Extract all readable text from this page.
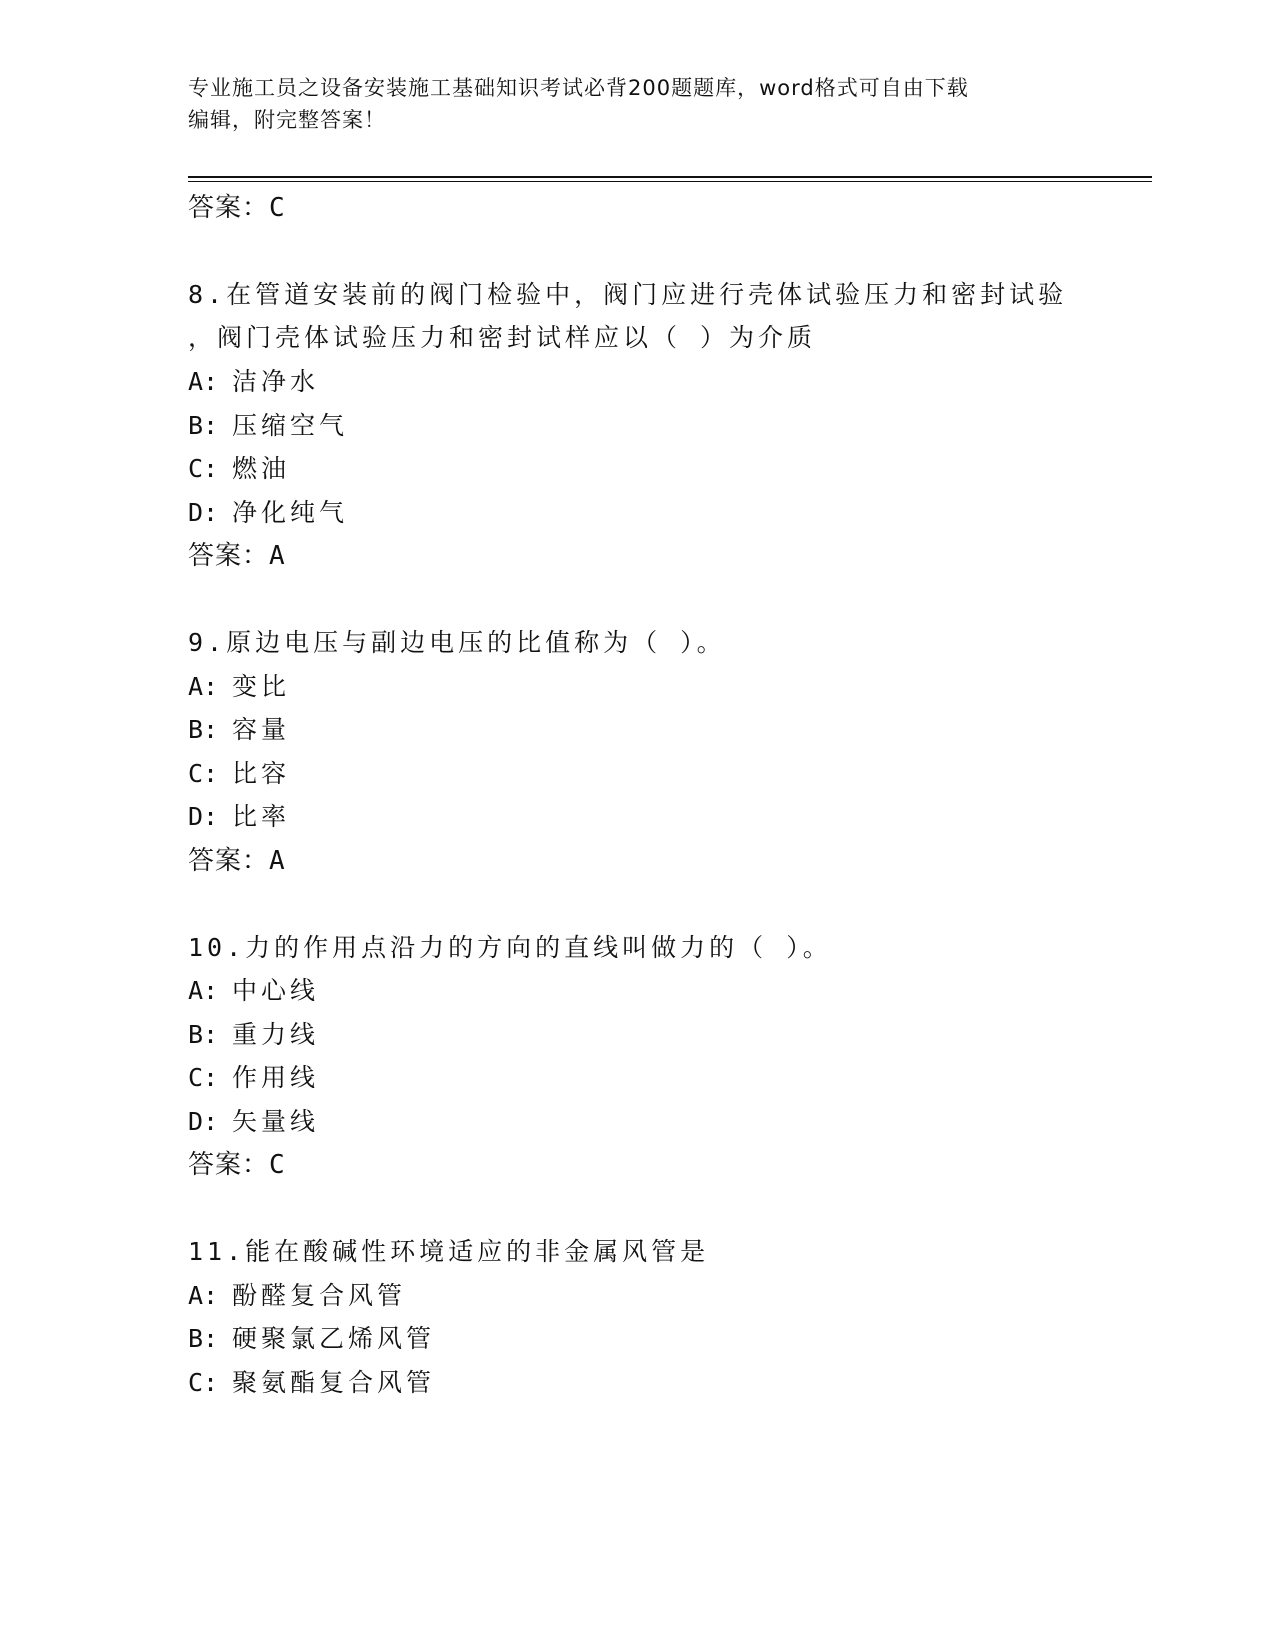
专业施工员之设备安装施工基础知识考试必背200题题库，word格式可自由下载
编辑，附完整答案！
答案：C
8.在管道安装前的阀门检验中，阀门应进行壳体试验压力和密封试验
，阀门壳体试验压力和密封试样应以（ ）为介质
A: 洁净水
B: 压缩空气
C: 燃油
D: 净化纯气
答案：A
9.原边电压与副边电压的比值称为（ ）。
A: 变比
B: 容量
C: 比容
D: 比率
答案：A
10.力的作用点沿力的方向的直线叫做力的（ ）。
A: 中心线
B: 重力线
C: 作用线
D: 矢量线
答案：C
11.能在酸碱性环境适应的非金属风管是
A: 酚醛复合风管
B: 硬聚氯乙烯风管
C: 聚氨酯复合风管
